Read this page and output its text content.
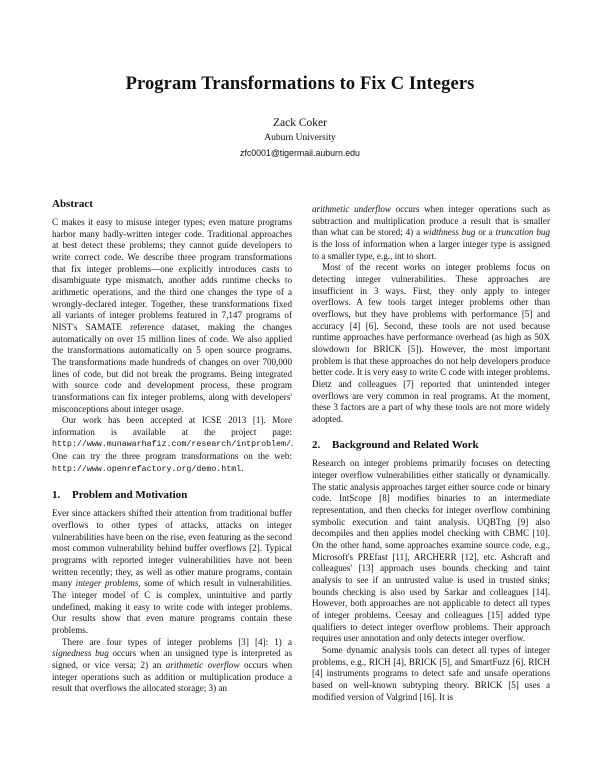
Program Transformations to Fix C Integers
Zack Coker
Auburn University
zfc0001@tigermail.auburn.edu
Abstract

C makes it easy to misuse integer types; even mature programs harbor many badly-written integer code. Traditional approaches at best detect these problems; they cannot guide developers to write correct code. We describe three program transformations that fix integer problems—one explicitly introduces casts to disambiguate type mismatch, another adds runtime checks to arithmetic operations, and the third one changes the type of a wrongly-declared integer. Together, these transformations fixed all variants of integer problems featured in 7,147 programs of NIST's SAMATE reference dataset, making the changes automatically on over 15 million lines of code. We also applied the transformations automatically on 5 open source programs. The transformations made hundreds of changes on over 700,000 lines of code, but did not break the programs. Being integrated with source code and development process, these program transformations can fix integer problems, along with developers' misconceptions about integer usage.

Our work has been accepted at ICSE 2013 [1]. More information is available at the project page: http://www.munawarhafiz.com/research/intproblem/. One can try the three program transformations on the web: http://www.openrefactory.org/demo.html.

1. Problem and Motivation

Ever since attackers shifted their attention from traditional buffer overflows to other types of attacks, attacks on integer vulnerabilities have been on the rise, even featuring as the second most common vulnerability behind buffer overflows [2]. Typical programs with reported integer vulnerabilities have not been written recently; they, as well as other mature programs, contain many integer problems, some of which result in vulnerabilities. The integer model of C is complex, unintuitive and partly undefined, making it easy to write code with integer problems. Our results show that even mature programs contain these problems.

There are four types of integer problems [3] [4]: 1) a signedness bug occurs when an unsigned type is interpreted as signed, or vice versa; 2) an arithmetic overflow occurs when integer operations such as addition or multiplication produce a result that overflows the allocated storage; 3) an

arithmetic underflow occurs when integer operations such as subtraction and multiplication produce a result that is smaller than what can be stored; 4) a widthness bug or a truncation bug is the loss of information when a larger integer type is assigned to a smaller type, e.g., int to short.

Most of the recent works on integer problems focus on detecting integer vulnerabilities. These approaches are insufficient in 3 ways. First, they only apply to integer overflows. A few tools target integer problems other than overflows, but they have problems with performance [5] and accuracy [4] [6]. Second, these tools are not used because runtime approaches have performance overhead (as high as 50X slowdown for BRICK [5]). However, the most important problem is that these approaches do not help developers produce better code. It is very easy to write C code with integer problems. Dietz and colleagues [7] reported that unintended integer overflows are very common in real programs. At the moment, these 3 factors are a part of why these tools are not more widely adopted.

2. Background and Related Work

Research on integer problems primarily focuses on detecting integer overflow vulnerabilities either statically or dynamically. The static analysis approaches target either source code or binary code. IntScope [8] modifies binaries to an intermediate representation, and then checks for integer overflow combining symbolic execution and taint analysis. UQBTng [9] also decompiles and then applies model checking with CBMC [10]. On the other hand, some approaches examine source code, e.g., Microsoft's PREfast [11], ARCHERR [12], etc. Ashcraft and colleagues' [13] approach uses bounds checking and taint analysis to see if an untrusted value is used in trusted sinks; bounds checking is also used by Sarkar and colleagues [14]. However, both approaches are not applicable to detect all types of integer problems. Ceesay and colleagues [15] added type qualifiers to detect integer overflow problems. Their approach requires user annotation and only detects integer overflow.

Some dynamic analysis tools can detect all types of integer problems, e.g., RICH [4], BRICK [5], and SmartFuzz [6]. RICH [4] instruments programs to detect safe and unsafe operations based on well-known subtyping theory. BRICK [5] uses a modified version of Valgrind [16]. It is
